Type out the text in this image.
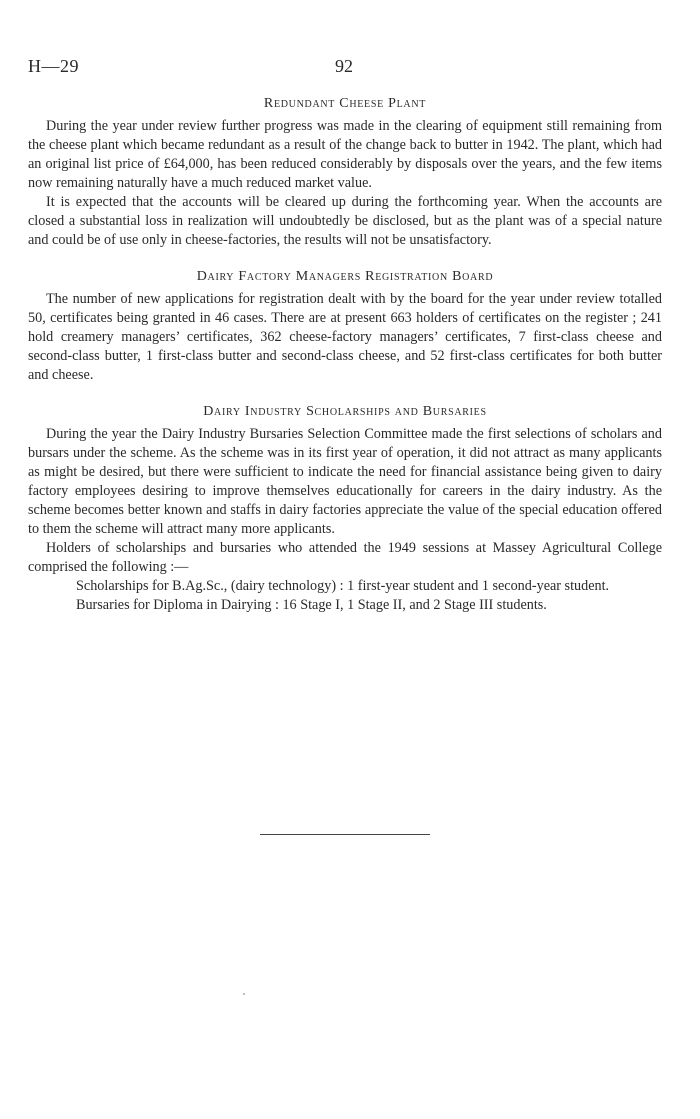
H—29	92
Redundant Cheese Plant

During the year under review further progress was made in the clearing of equipment still remaining from the cheese plant which became redundant as a result of the change back to butter in 1942. The plant, which had an original list price of £64,000, has been reduced considerably by disposals over the years, and the few items now remaining naturally have a much reduced market value.

It is expected that the accounts will be cleared up during the forthcoming year. When the accounts are closed a substantial loss in realization will undoubtedly be disclosed, but as the plant was of a special nature and could be of use only in cheese-factories, the results will not be unsatisfactory.

Dairy Factory Managers Registration Board

The number of new applications for registration dealt with by the board for the year under review totalled 50, certificates being granted in 46 cases. There are at present 663 holders of certificates on the register ; 241 hold creamery managers’ certificates, 362 cheese-factory managers’ certificates, 7 first-class cheese and second-class butter, 1 first-class butter and second-class cheese, and 52 first-class certificates for both butter and cheese.

Dairy Industry Scholarships and Bursaries

During the year the Dairy Industry Bursaries Selection Committee made the first selections of scholars and bursars under the scheme. As the scheme was in its first year of operation, it did not attract as many applicants as might be desired, but there were sufficient to indicate the need for financial assistance being given to dairy factory employees desiring to improve themselves educationally for careers in the dairy industry. As the scheme becomes better known and staffs in dairy factories appreciate the value of the special education offered to them the scheme will attract many more applicants.

Holders of scholarships and bursaries who attended the 1949 sessions at Massey Agricultural College comprised the following :—

Scholarships for B.Ag.Sc., (dairy technology) : 1 first-year student and 1 second-year student.
Bursaries for Diploma in Dairying : 16 Stage I, 1 Stage II, and 2 Stage III students.
